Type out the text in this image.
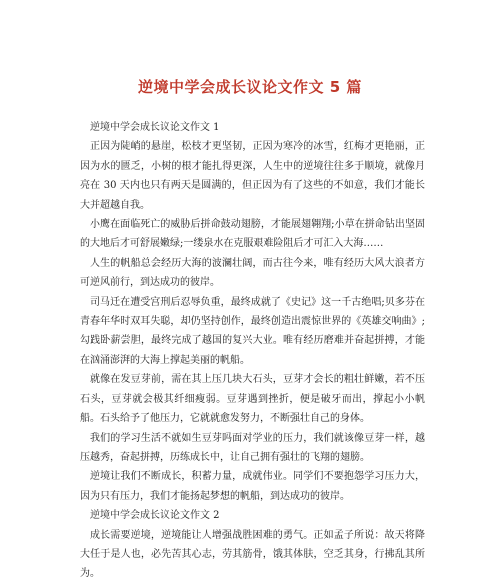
逆境中学会成长议论文作文 5 篇

逆境中学会成长议论文作文 1

正因为陡峭的悬崖，松枝才更坚韧，正因为寒冷的冰雪，红梅才更艳丽，正因为水的匮乏，小树的根才能扎得更深，人生中的逆境往往多于顺境，就像月亮在 30 天内也只有两天是圆满的，但正因为有了这些的不如意，我们才能长大并超越自我。

小鹰在面临死亡的威胁后拼命鼓动翅膀，才能展翅翱翔;小草在拼命钻出坚固的大地后才可舒展嫩绿;一缕泉水在克服艰难险阻后才可汇入大海……

人生的帆船总会经历大海的波澜壮阔，而古往今来，唯有经历大风大浪者方可逆风前行，到达成功的彼岸。

司马迁在遭受宫刑后忍辱负重，最终成就了《史记》这一千古绝唱;贝多芬在青春年华时双耳失聪，却仍坚持创作，最终创造出震惊世界的《英雄交响曲》;勾践卧薪尝胆，最终完成了越国的复兴大业。唯有经历磨难并奋起拼搏，才能在汹涌澎湃的大海上撑起美丽的帆船。

就像在发豆芽前，需在其上压几块大石头，豆芽才会长的粗壮鲜嫩，若不压石头，豆芽就会极其纤细瘦弱。豆芽遇到挫折，便是破牙而出，撑起小小帆船。石头给予了他压力，它就就愈发努力，不断强壮自己的身体。

我们的学习生活不就如生豆芽吗面对学业的压力，我们就该像豆芽一样，越压越秀，奋起拼搏，历练成长中，让自己拥有强壮的飞翔的翅膀。

逆境让我们不断成长，积蓄力量，成就伟业。同学们不要抱怨学习压力大，因为只有压力，我们才能扬起梦想的帆船，到达成功的彼岸。

逆境中学会成长议论文作文 2

成长需要逆境，逆境能让人增强战胜困难的勇气。正如孟子所说：故天将降大任于是人也，必先苦其心志，劳其筋骨，饿其体肤，空乏其身，行拂乱其所为。
